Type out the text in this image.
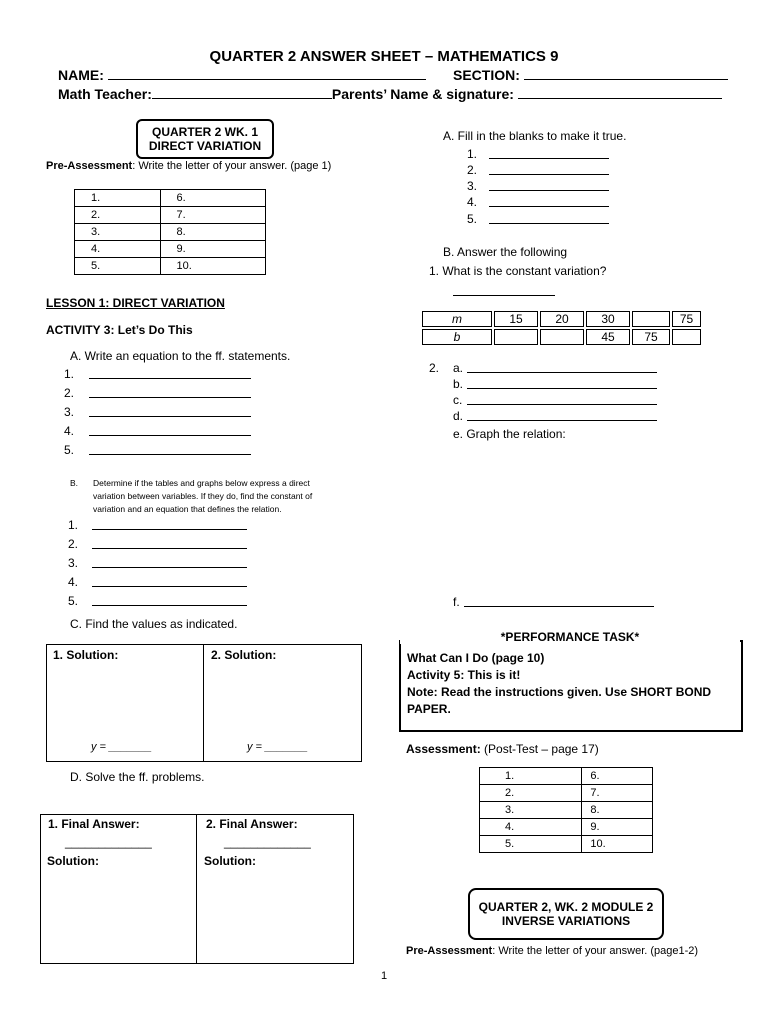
QUARTER 2 ANSWER SHEET – MATHEMATICS 9
NAME:	SECTION:
Math Teacher:	Parents’ Name & signature:
QUARTER 2 WK. 1
DIRECT VARIATION
Pre-Assessment: Write the letter of your answer. (page 1)
1.	6.
2.	7.
3.	8.
4.	9.
5.	10.
LESSON 1: DIRECT VARIATION
ACTIVITY 3: Let’s Do This
A. Write an equation to the ff. statements.
1.
2.
3.
4.
5.
B. Determine if the tables and graphs below express a direct
variation between variables. If they do, find the constant of
variation and an equation that defines the relation.
1.
2.
3.
4.
5.
C. Find the values as indicated.
1. Solution:	2. Solution:
y = _______	y = _______
D. Solve the ff. problems.
1. Final Answer:
_____________
Solution:
2. Final Answer:
_____________
Solution:
A. Fill in the blanks to make it true.
1.
2.
3.
4.
5.
B. Answer the following
1. What is the constant variation?
m	15	20	30		75
b			45	75	
2. a.
b.
c.
d.
e. Graph the relation:
f.
*PERFORMANCE TASK*
What Can I Do (page 10)
Activity 5: This is it!
Note: Read the instructions given. Use SHORT BOND
PAPER.
Assessment: (Post-Test – page 17)
1.	6.
2.	7.
3.	8.
4.	9.
5.	10.
QUARTER 2, WK. 2 MODULE 2
INVERSE VARIATIONS
Pre-Assessment: Write the letter of your answer. (page1-2)
1
